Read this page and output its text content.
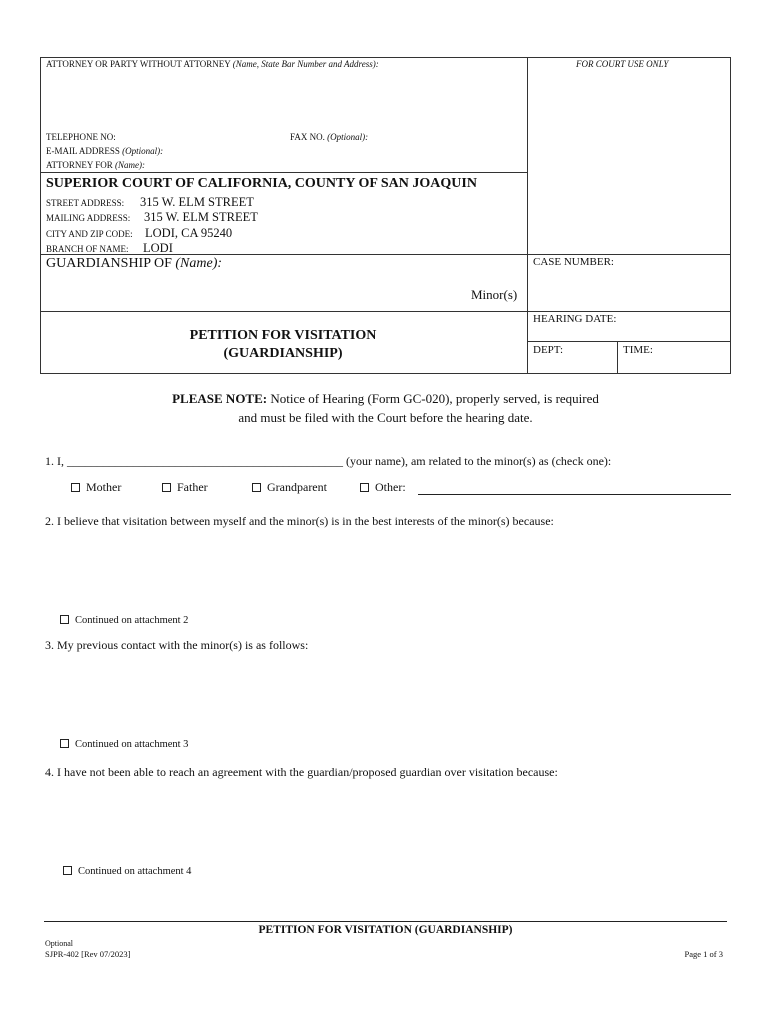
ATTORNEY OR PARTY WITHOUT ATTORNEY (Name, State Bar Number and Address):	FOR COURT USE ONLY
TELEPHONE NO:	FAX NO. (Optional):
E-MAIL ADDRESS (Optional):
ATTORNEY FOR (Name):
SUPERIOR COURT OF CALIFORNIA, COUNTY OF SAN JOAQUIN
STREET ADDRESS: 315 W. ELM STREET
MAILING ADDRESS: 315 W. ELM STREET
CITY AND ZIP CODE: LODI, CA 95240
BRANCH OF NAME: LODI
GUARDIANSHIP OF (Name):
Minor(s)
CASE NUMBER:
HEARING DATE:
DEPT:	TIME:
PETITION FOR VISITATION
(GUARDIANSHIP)
PLEASE NOTE: Notice of Hearing (Form GC-020), properly served, is required
and must be filed with the Court before the hearing date.
1. I, ______________________________________________ (your name), am related to the minor(s) as (check one):
Mother	Father	Grandparent	Other:
2. I believe that visitation between myself and the minor(s) is in the best interests of the minor(s) because:
Continued on attachment 2
3. My previous contact with the minor(s) is as follows:
Continued on attachment 3
4. I have not been able to reach an agreement with the guardian/proposed guardian over visitation because:
Continued on attachment 4
PETITION FOR VISITATION (GUARDIANSHIP)
Optional
SJPR-402 [Rev 07/2023]	Page 1 of 3
